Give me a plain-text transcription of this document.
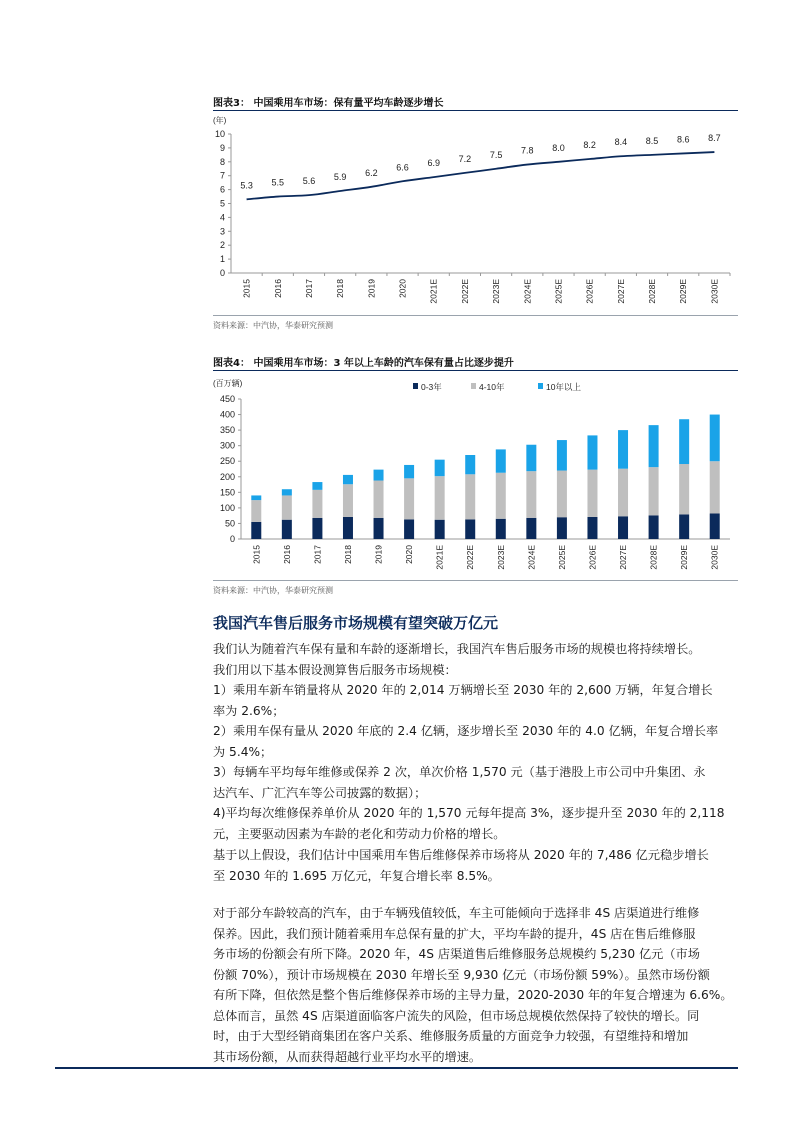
图表3： 中国乘用车市场：保有量平均车龄逐步增长
(年)
0
1
2
3
4
5
6
7
8
9
10
2015 2016 2017 2018 2019 2020 2021E 2022E 2023E 2024E 2025E 2026E 2027E 2028E 2029E 2030E
5.3 5.5 5.6 5.9 6.2
6.6 6.9 7.2 7.5 7.8 8.0 8.2 8.4 8.5 8.6 8.7
资料来源：中汽协，华泰研究预测
图表4： 中国乘用车市场：3 年以上车龄的汽车保有量占比逐步提升
(百万辆)
0
50
100
150
200
250
300
350
400
450
0-3年	4-10年	10年以上
2015 2016 2017 2018 2019 2020 2021E 2022E 2023E 2024E 2025E 2026E 2027E 2028E 2029E 2030E
资料来源：中汽协，华泰研究预测
我国汽车售后服务市场规模有望突破万亿元

我们认为随着汽车保有量和车龄的逐渐增长，我国汽车售后服务市场的规模也将持续增长。

我们用以下基本假设测算售后服务市场规模：

1）乘用车新车销量将从 2020 年的 2,014 万辆增长至 2030 年的 2,600 万辆，年复合增长

率为 2.6%；

2）乘用车保有量从 2020 年底的 2.4 亿辆，逐步增长至 2030 年的 4.0 亿辆，年复合增长率

为 5.4%；

3）每辆车平均每年维修或保养 2 次，单次价格 1,570 元（基于港股上市公司中升集团、永

达汽车、广汇汽车等公司披露的数据）；

4)平均每次维修保养单价从 2020 年的 1,570 元每年提高 3%，逐步提升至 2030 年的 2,118

元，主要驱动因素为车龄的老化和劳动力价格的增长。

基于以上假设，我们估计中国乘用车售后维修保养市场将从 2020 年的 7,486 亿元稳步增长

至 2030 年的 1.695 万亿元，年复合增长率 8.5%。

对于部分车龄较高的汽车，由于车辆残值较低，车主可能倾向于选择非 4S 店渠道进行维修

保养。因此，我们预计随着乘用车总保有量的扩大，平均车龄的提升，4S 店在售后维修服

务市场的份额会有所下降。2020 年，4S 店渠道售后维修服务总规模约 5,230 亿元（市场

份额 70%），预计市场规模在 2030 年增长至 9,930 亿元（市场份额 59%）。虽然市场份额

有所下降，但依然是整个售后维修保养市场的主导力量，2020-2030 年的年复合增速为 6.6%。

总体而言，虽然 4S 店渠道面临客户流失的风险，但市场总规模依然保持了较快的增长。同

时，由于大型经销商集团在客户关系、维修服务质量的方面竞争力较强，有望维持和增加

其市场份额，从而获得超越行业平均水平的增速。
